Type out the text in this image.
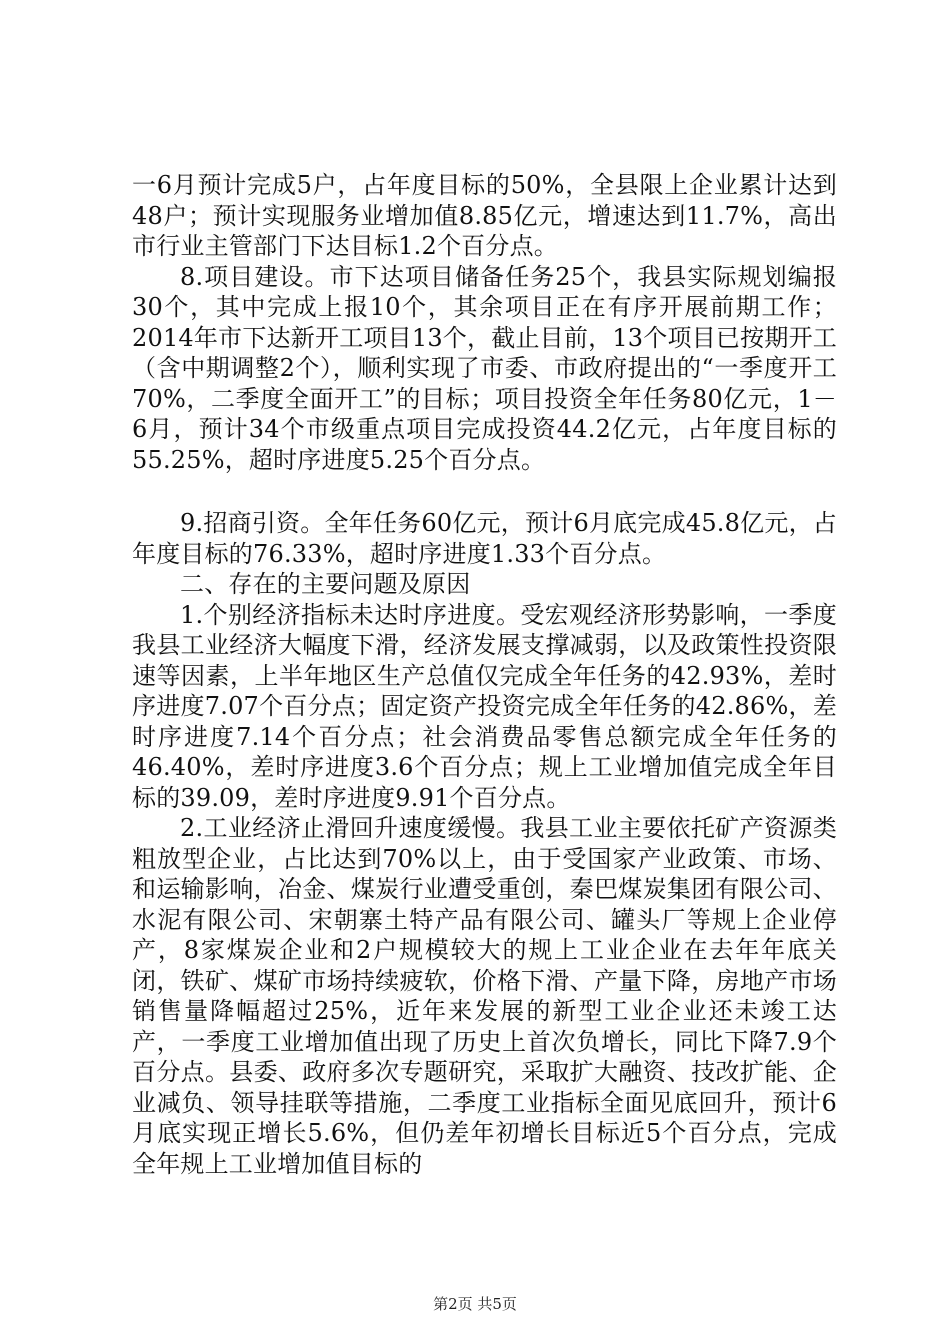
一6月预计完成5户，占年度目标的50%，全县限上企业累计达到48户；预计实现服务业增加值8.85亿元，增速达到11.7%，高出市行业主管部门下达目标1.2个百分点。

8.项目建设。市下达项目储备任务25个，我县实际规划编报30个，其中完成上报10个，其余项目正在有序开展前期工作；2014年市下达新开工项目13个，截止目前，13个项目已按期开工（含中期调整2个），顺利实现了市委、市政府提出的“一季度开工70%，二季度全面开工”的目标；项目投资全年任务80亿元，1－6月，预计34个市级重点项目完成投资44.2亿元，占年度目标的55.25%，超时序进度5.25个百分点。

9.招商引资。全年任务60亿元，预计6月底完成45.8亿元，占年度目标的76.33%，超时序进度1.33个百分点。

二、存在的主要问题及原因

1.个别经济指标未达时序进度。受宏观经济形势影响，一季度我县工业经济大幅度下滑，经济发展支撑减弱，以及政策性投资限速等因素，上半年地区生产总值仅完成全年任务的42.93%，差时序进度7.07个百分点；固定资产投资完成全年任务的42.86%，差时序进度7.14个百分点；社会消费品零售总额完成全年任务的46.40%，差时序进度3.6个百分点；规上工业增加值完成全年目标的39.09，差时序进度9.91个百分点。

2.工业经济止滑回升速度缓慢。我县工业主要依托矿产资源类粗放型企业，占比达到70%以上，由于受国家产业政策、市场、和运输影响，冶金、煤炭行业遭受重创，秦巴煤炭集团有限公司、水泥有限公司、宋朝寨土特产品有限公司、罐头厂等规上企业停产，8家煤炭企业和2户规模较大的规上工业企业在去年年底关闭，铁矿、煤矿市场持续疲软，价格下滑、产量下降，房地产市场销售量降幅超过25%，近年来发展的新型工业企业还未竣工达产，一季度工业增加值出现了历史上首次负增长，同比下降7.9个百分点。县委、政府多次专题研究，采取扩大融资、技改扩能、企业减负、领导挂联等措施，二季度工业指标全面见底回升，预计6月底实现正增长5.6%，但仍差年初增长目标近5个百分点，完成全年规上工业增加值目标的

第2页 共5页
